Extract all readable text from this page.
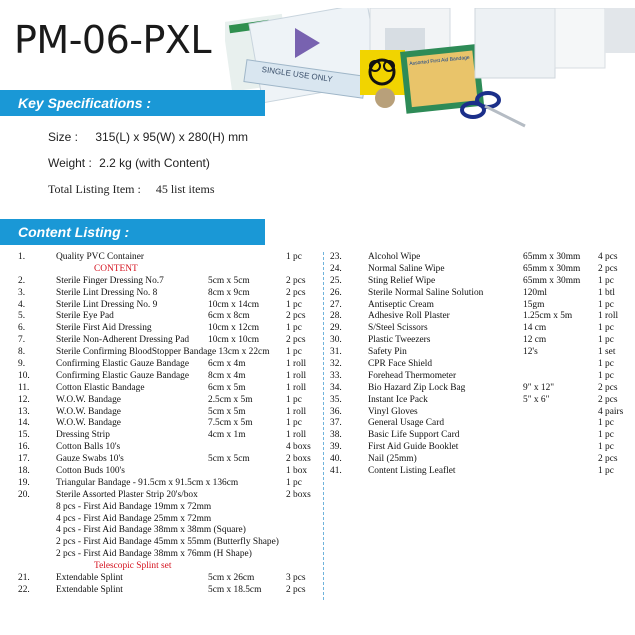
PM-06-PXL
SINGLE USE ONLY
Assorted First Aid Bandage
Key Specifications :
Size : 315(L) x 95(W) x 280(H) mm
Weight : 2.2 kg (with Content)
Total Listing Item : 45 list items
Content Listing :
1.	Quality PVC Container	1 pc
CONTENT
2.	Sterile Finger Dressing No.7	5cm x 5cm	2 pcs
3.	Sterile Lint Dressing No. 8	8cm x 9cm	2 pcs
4.	Sterile Lint Dressing No. 9	10cm x 14cm	1 pc
5.	Sterile Eye Pad	6cm x 8cm	2 pcs
6.	Sterile First Aid Dressing	10cm x 12cm	1 pc
7.	Sterile Non-Adherent Dressing Pad 10cm x 10cm	2 pcs
8.	Sterile Confirming BloodStopper Bandage 13cm x 22cm 1 pc
9.	Confirming Elastic Gauze Bandage 6cm x 4m	1 roll
10.	Confirming Elastic Gauze Bandage 8cm x 4m	1 roll
11.	Cotton Elastic Bandage	6cm x 5m	1 roll
12.	W.O.W. Bandage	2.5cm x 5m	1 pc
13.	W.O.W. Bandage	5cm x 5m	1 roll
14.	W.O.W. Bandage	7.5cm x 5m	1 pc
15.	Dressing Strip	4cm x 1m	1 roll
16.	Cotton Balls 10's	4 boxs
17.	Gauze Swabs 10's	5cm x 5cm	2 boxs
18.	Cotton Buds 100's	1 box
19.	Triangular Bandage - 91.5cm x 91.5cm x 136cm	1 pc
20.	Sterile Assorted Plaster Strip 20's/box	2 boxs
8 pcs - First Aid Bandage 19mm x 72mm
4 pcs - First Aid Bandage 25mm x 72mm
4 pcs - First Aid Bandage 38mm x 38mm (Square)
2 pcs - First Aid Bandage 45mm x 55mm (Butterfly Shape)
2 pcs - First Aid Bandage 38mm x 76mm (H Shape)
Telescopic Splint set
21.	Extendable Splint	5cm x 26cm	3 pcs
22.	Extendable Splint	5cm x 18.5cm	2 pcs
23.	Alcohol Wipe	65mm x 30mm 4 pcs
24.	Normal Saline Wipe	65mm x 30mm 2 pcs
25.	Sting Relief Wipe	65mm x 30mm 1 pc
26.	Sterile Normal Saline Solution	120ml	1 btl
27.	Antiseptic Cream	15gm	1 pc
28.	Adhesive Roll Plaster	1.25cm x 5m	1 roll
29.	S/Steel Scissors	14 cm	1 pc
30.	Plastic Tweezers	12 cm	1 pc
31.	Safety Pin	12's	1 set
32.	CPR Face Shield	1 pc
33.	Forehead Thermometer	1 pc
34.	Bio Hazard Zip Lock Bag	9" x 12"	2 pcs
35.	Instant Ice Pack	5" x 6"	2 pcs
36.	Vinyl Gloves	4 pairs
37.	General Usage Card	1 pc
38.	Basic Life Support Card	1 pc
39.	First Aid Guide Booklet	1 pc
40.	Nail (25mm)	2 pcs
41.	Content Listing Leaflet	1 pc
